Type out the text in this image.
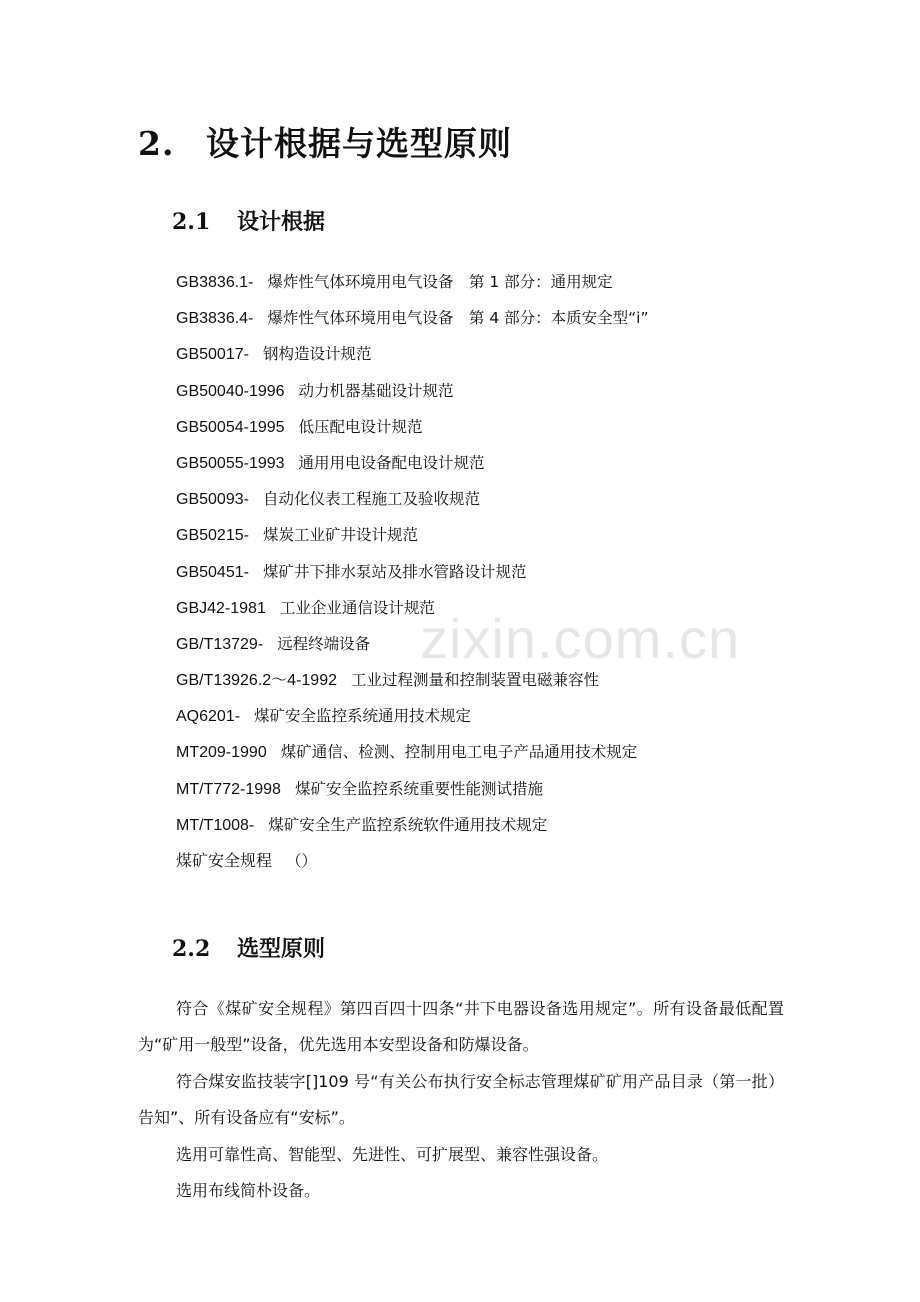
zixin.com.cn
2. 设计根据与选型原则
2.1 设计根据
GB3836.1- 爆炸性气体环境用电气设备　第 1 部分：通用规定
GB3836.4- 爆炸性气体环境用电气设备　第 4 部分：本质安全型“i”
GB50017- 钢构造设计规范
GB50040-1996 动力机器基础设计规范
GB50054-1995 低压配电设计规范
GB50055-1993 通用用电设备配电设计规范
GB50093- 自动化仪表工程施工及验收规范
GB50215- 煤炭工业矿井设计规范
GB50451- 煤矿井下排水泵站及排水管路设计规范
GBJ42-1981 工业企业通信设计规范
GB/T13729- 远程终端设备
GB/T13926.2～4-1992 工业过程测量和控制装置电磁兼容性
AQ6201- 煤矿安全监控系统通用技术规定
MT209-1990 煤矿通信、检测、控制用电工电子产品通用技术规定
MT/T772-1998 煤矿安全监控系统重要性能测试措施
MT/T1008- 煤矿安全生产监控系统软件通用技术规定
煤矿安全规程 （）
2.2 选型原则

符合《煤矿安全规程》第四百四十四条“井下电器设备选用规定”。所有设备最低配置为“矿用一般型”设备，优先选用本安型设备和防爆设备。

符合煤安监技装字[]109 号“有关公布执行安全标志管理煤矿矿用产品目录（第一批）告知”、所有设备应有“安标”。

选用可靠性高、智能型、先进性、可扩展型、兼容性强设备。

选用布线简朴设备。
